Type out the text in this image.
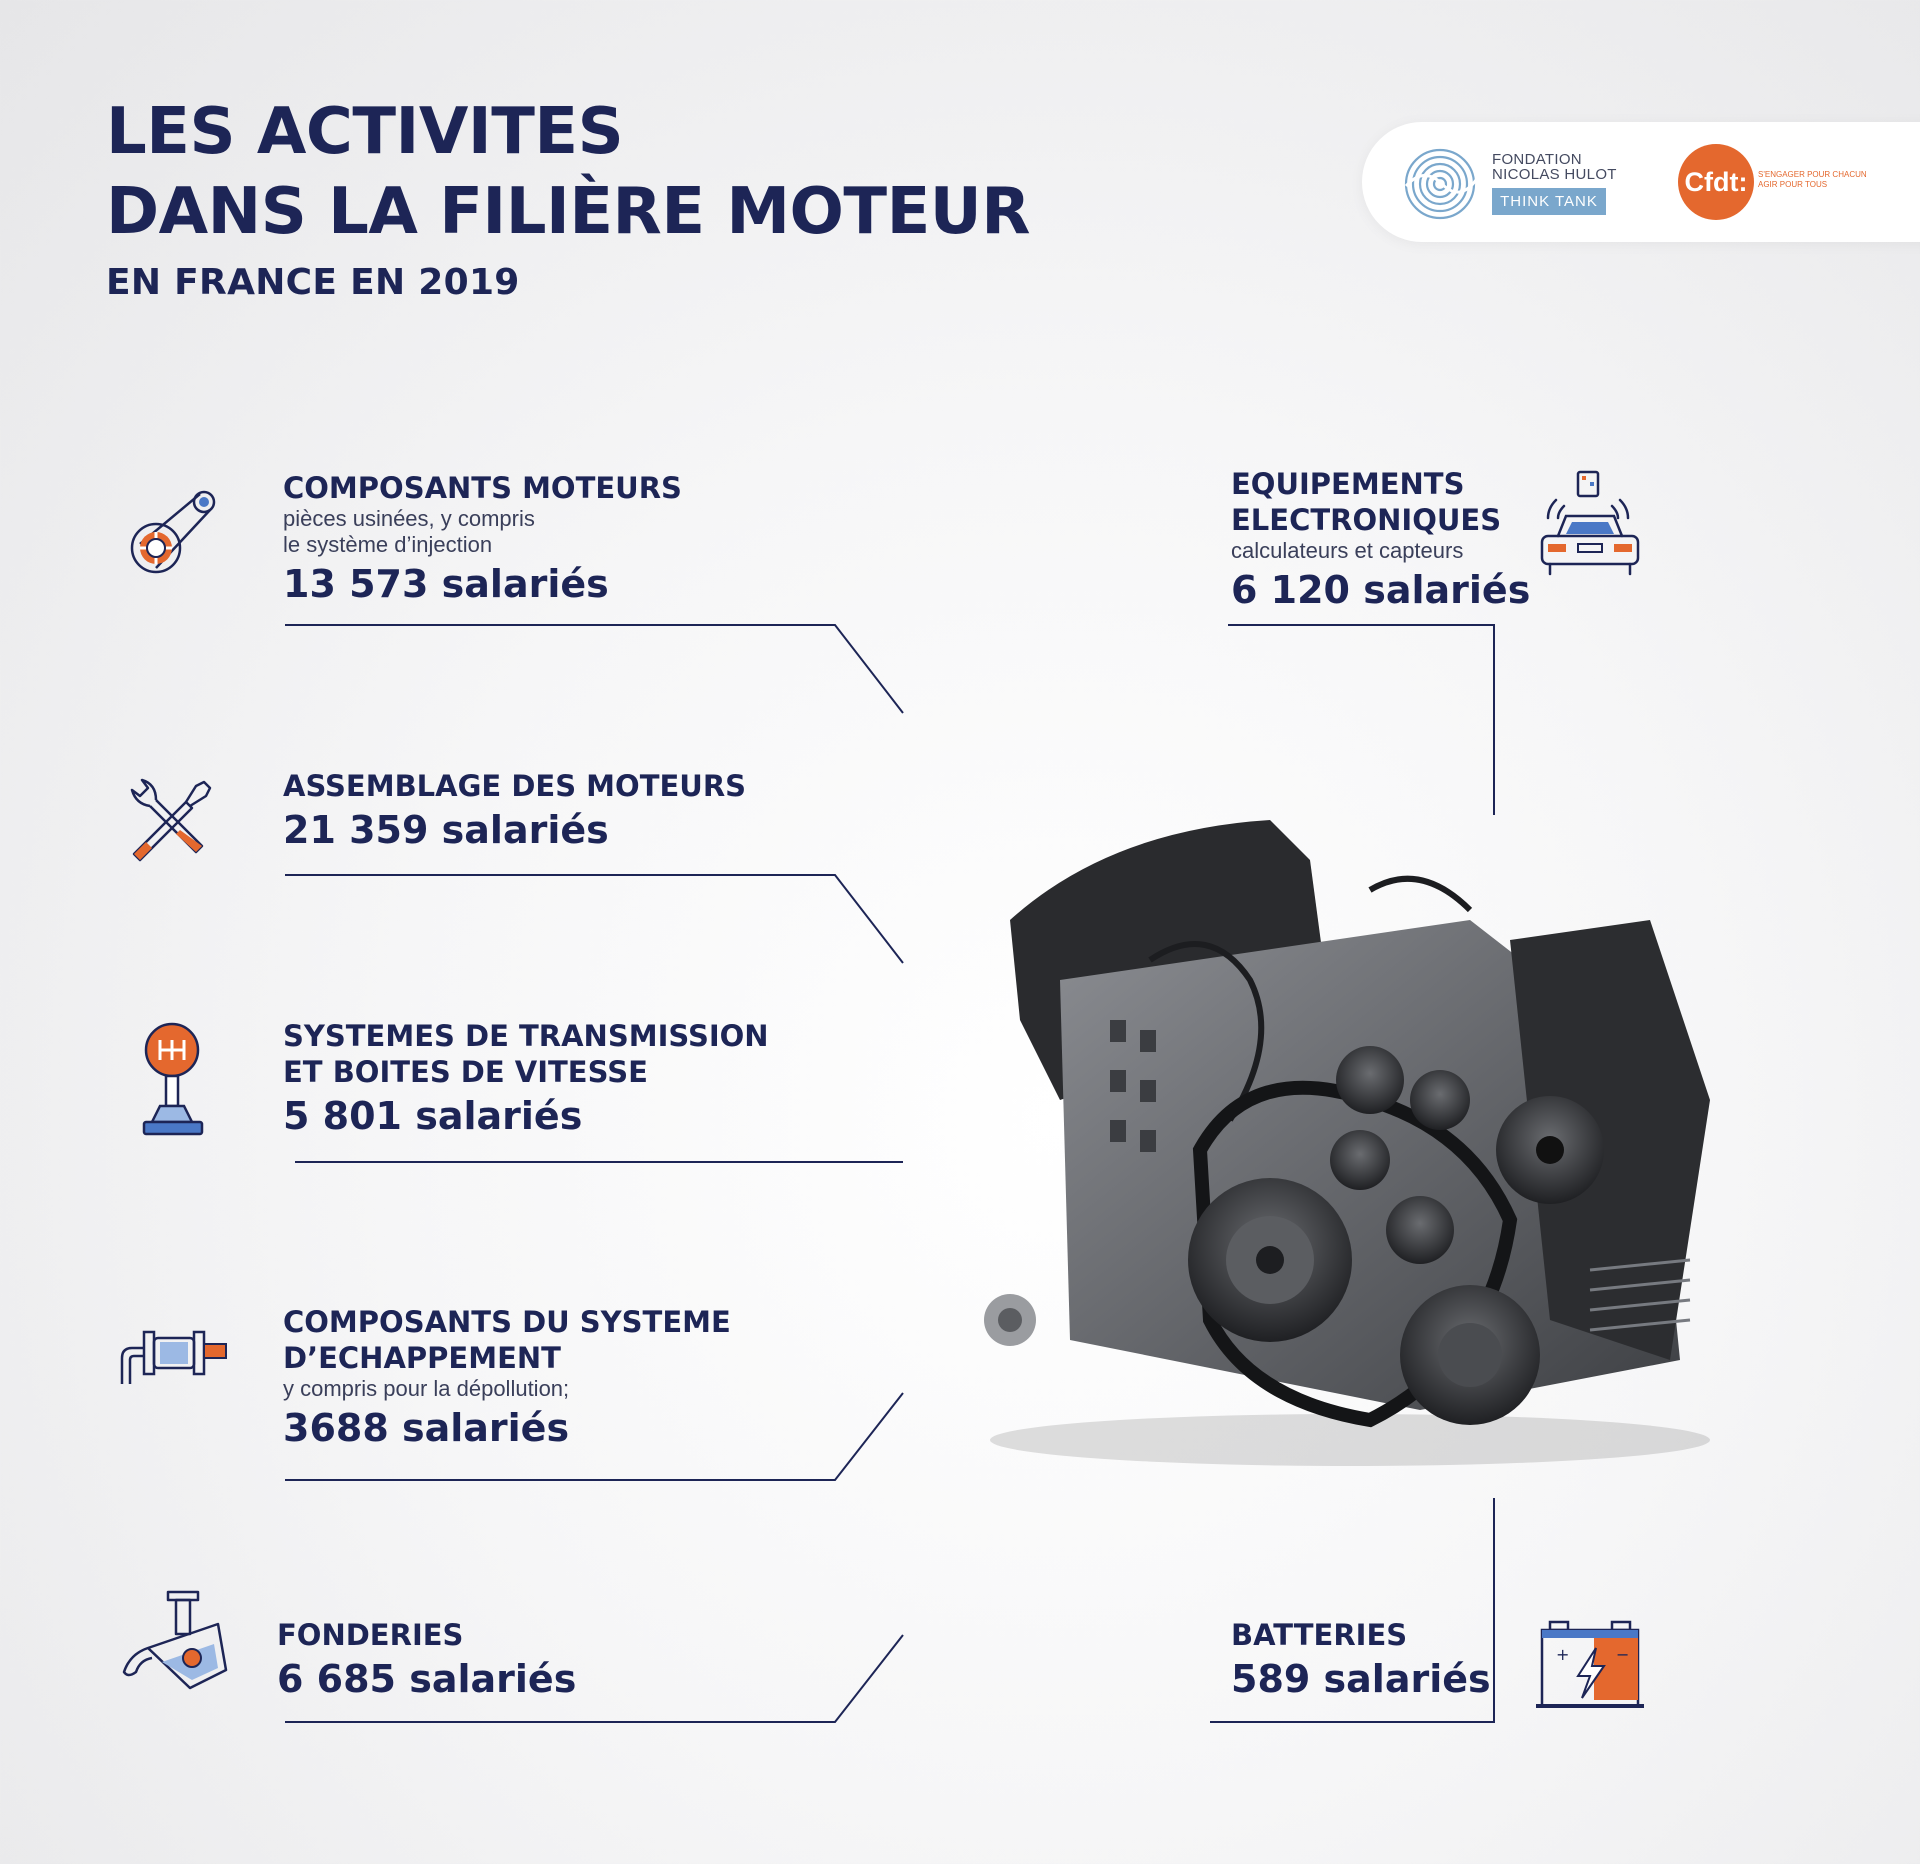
LES ACTIVITES
DANS LA FILIÈRE MOTEUR
EN FRANCE EN 2019
FONDATION
NICOLAS HULOT
THINK TANK
Cfdt:	S'ENGAGER POUR CHACUN
AGIR POUR TOUS

COMPOSANTS MOTEURS

pièces usinées, y compris

le système d’injection

13 573 salariés

ASSEMBLAGE DES MOTEURS

21 359 salariés

SYSTEMES DE TRANSMISSION

ET BOITES DE VITESSE

5 801 salariés

COMPOSANTS DU SYSTEME

D’ECHAPPEMENT

y compris pour la dépollution;

3688 salariés

FONDERIES

6 685 salariés

EQUIPEMENTS

ELECTRONIQUES

calculateurs et capteurs

6 120 salariés

BATTERIES

589 salariés

+	−
